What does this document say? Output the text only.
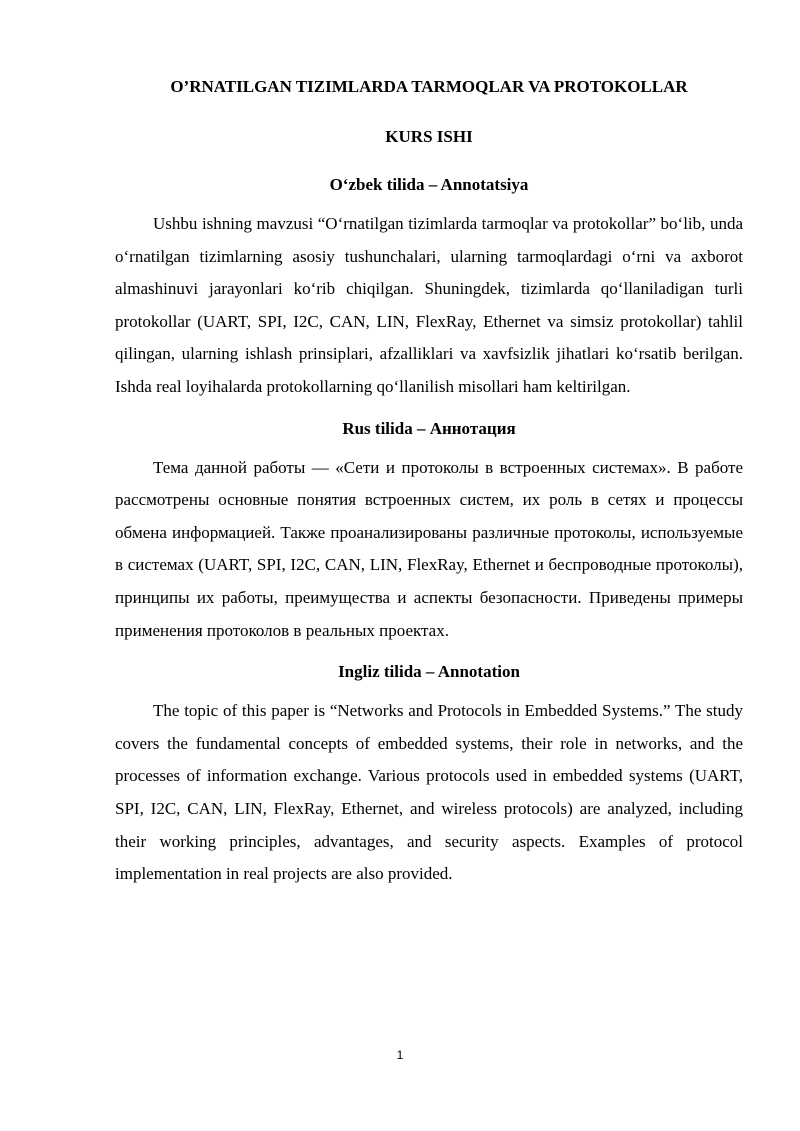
O’RNATILGAN TIZIMLARDA TARMOQLAR VA PROTOKOLLAR
KURS ISHI
O‘zbek tilida – Annotatsiya

Ushbu ishning mavzusi “O‘rnatilgan tizimlarda tarmoqlar va protokollar” bo‘lib, unda o‘rnatilgan tizimlarning asosiy tushunchalari, ularning tarmoqlardagi o‘rni va axborot almashinuvi jarayonlari ko‘rib chiqilgan. Shuningdek, tizimlarda qo‘llaniladigan turli protokollar (UART, SPI, I2C, CAN, LIN, FlexRay, Ethernet va simsiz protokollar) tahlil qilingan, ularning ishlash prinsiplari, afzalliklari va xavfsizlik jihatlari ko‘rsatib berilgan. Ishda real loyihalarda protokollarning qo‘llanilish misollari ham keltirilgan.

Rus tilida – Аннотация

Тема данной работы — «Сети и протоколы в встроенных системах». В работе рассмотрены основные понятия встроенных систем, их роль в сетях и процессы обмена информацией. Также проанализированы различные протоколы, используемые в системах (UART, SPI, I2C, CAN, LIN, FlexRay, Ethernet и беспроводные протоколы), принципы их работы, преимущества и аспекты безопасности. Приведены примеры применения протоколов в реальных проектах.

Ingliz tilida – Annotation

The topic of this paper is “Networks and Protocols in Embedded Systems.” The study covers the fundamental concepts of embedded systems, their role in networks, and the processes of information exchange. Various protocols used in embedded systems (UART, SPI, I2C, CAN, LIN, FlexRay, Ethernet, and wireless protocols) are analyzed, including their working principles, advantages, and security aspects. Examples of protocol implementation in real projects are also provided.

1
